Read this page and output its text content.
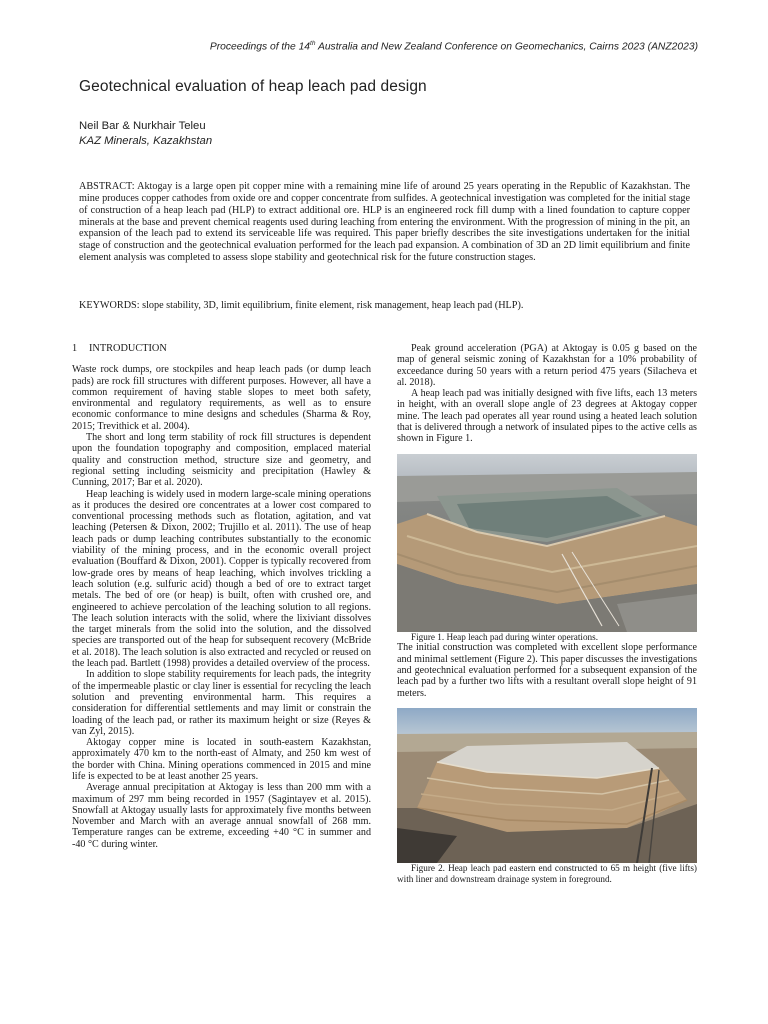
Proceedings of the 14th Australia and New Zealand Conference on Geomechanics, Cairns 2023 (ANZ2023)
Geotechnical evaluation of heap leach pad design
Neil Bar & Nurkhair Teleu
KAZ Minerals, Kazakhstan
ABSTRACT: Aktogay is a large open pit copper mine with a remaining mine life of around 25 years operating in the Republic of Kazakhstan. The mine produces copper cathodes from oxide ore and copper concentrate from sulfides. A geotechnical investigation was completed for the initial stage of construction of a heap leach pad (HLP) to extract additional ore. HLP is an engineered rock fill dump with a lined foundation to capture copper minerals at the base and prevent chemical reagents used during leaching from entering the environment. With the progression of mining in the pit, an expansion of the leach pad to extend its serviceable life was required. This paper briefly describes the site investigations undertaken for the initial stage of construction and the geotechnical evaluation performed for the leach pad expansion. A combination of 3D an 2D limit equilibrium and finite element analysis was completed to assess slope stability and geotechnical risk for the future construction stages.
KEYWORDS: slope stability, 3D, limit equilibrium, finite element, risk management, heap leach pad (HLP).
1 INTRODUCTION

Waste rock dumps, ore stockpiles and heap leach pads (or dump leach pads) are rock fill structures with different purposes. However, all have a common requirement of having stable slopes to meet both safety, environmental and regulatory requirements, as well as to ensure economic conformance to mine designs and schedules (Sharma & Roy, 2015; Trevithick et al. 2004).

The short and long term stability of rock fill structures is dependent upon the foundation topography and composition, emplaced material quality and construction method, structure size and geometry, and regional setting including seismicity and precipitation (Hawley & Cunning, 2017; Bar et al. 2020).

Heap leaching is widely used in modern large-scale mining operations as it produces the desired ore concentrates at a lower cost compared to conventional processing methods such as flotation, agitation, and vat leaching (Petersen & Dixon, 2002; Trujillo et al. 2011). The use of heap leach pads or dump leaching contributes substantially to the economic viability of the mining process, and in the economic overall project evaluation (Bouffard & Dixon, 2001). Copper is typically recovered from low-grade ores by means of heap leaching, which involves trickling a leach solution (e.g. sulfuric acid) though a bed of ore to extract target metals. The bed of ore (or heap) is built, often with crushed ore, and engineered to achieve percolation of the leaching solution to all regions. The leach solution interacts with the solid, where the lixiviant dissolves the target minerals from the solid into the solution, and the dissolved species are transported out of the heap for subsequent recovery (McBride et al. 2018). The leach solution is also extracted and recycled or reused on the leach pad. Bartlett (1998) provides a detailed overview of the process.

In addition to slope stability requirements for leach pads, the integrity of the impermeable plastic or clay liner is essential for recycling the leach solution and preventing environmental harm. This requires a consideration for differential settlements and may limit or constrain the loading of the leach pad, or rather its maximum height or size (Reyes & van Zyl, 2015).

Aktogay copper mine is located in south-eastern Kazakhstan, approximately 470 km to the north-east of Almaty, and 250 km west of the border with China. Mining operations commenced in 2015 and mine life is expected to be at least another 25 years.

Average annual precipitation at Aktogay is less than 200 mm with a maximum of 297 mm being recorded in 1957 (Sagintayev et al. 2015). Snowfall at Aktogay usually lasts for approximately five months between November and March with an average annual snowfall of 268 mm. Temperature ranges can be extreme, exceeding +40 °C in summer and -40 °C during winter.

Peak ground acceleration (PGA) at Aktogay is 0.05 g based on the map of general seismic zoning of Kazakhstan for a 10% probability of exceedance during 50 years with a return period 475 years (Silacheva et al. 2018).

A heap leach pad was initially designed with five lifts, each 13 meters in height, with an overall slope angle of 23 degrees at Aktogay copper mine. The leach pad operates all year round using a heated leach solution that is delivered through a network of insulated pipes to the active cells as shown in Figure 1.

Figure 1. Heap leach pad during winter operations.

The initial construction was completed with excellent slope performance and minimal settlement (Figure 2). This paper discusses the investigations and geotechnical evaluation performed for a subsequent expansion of the leach pad by a further two lifts with a resultant overall slope height of 91 meters.

Figure 2. Heap leach pad eastern end constructed to 65 m height (five lifts) with liner and downstream drainage system in foreground.
